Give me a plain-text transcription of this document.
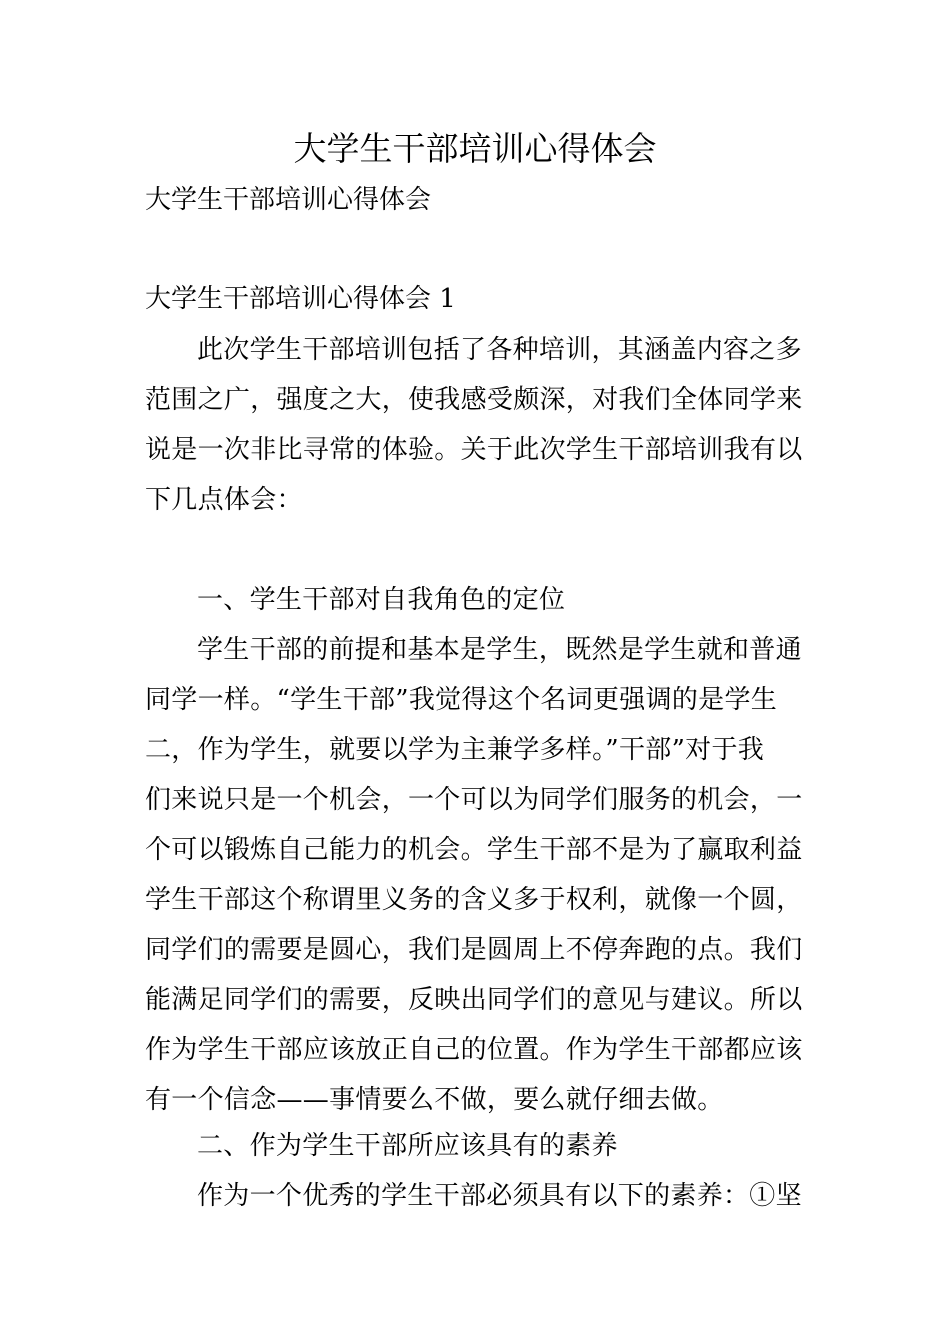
大学生干部培训心得体会
大学生干部培训心得体会
大学生干部培训心得体会 1
此次学生干部培训包括了各种培训，其涵盖内容之多
范围之广，强度之大，使我感受颇深，对我们全体同学来
说是一次非比寻常的体验。关于此次学生干部培训我有以
下几点体会：
一、学生干部对自我角色的定位
学生干部的前提和基本是学生，既然是学生就和普通
同学一样。“学生干部”我觉得这个名词更强调的是学生
二，作为学生，就要以学为主兼学多样。”干部”对于我
们来说只是一个机会，一个可以为同学们服务的机会，一
个可以锻炼自己能力的机会。学生干部不是为了赢取利益
学生干部这个称谓里义务的含义多于权利，就像一个圆，
同学们的需要是圆心，我们是圆周上不停奔跑的点。我们
能满足同学们的需要，反映出同学们的意见与建议。所以
作为学生干部应该放正自己的位置。作为学生干部都应该
有一个信念——事情要么不做，要么就仔细去做。
二、作为学生干部所应该具有的素养
作为一个优秀的学生干部必须具有以下的素养：①坚
